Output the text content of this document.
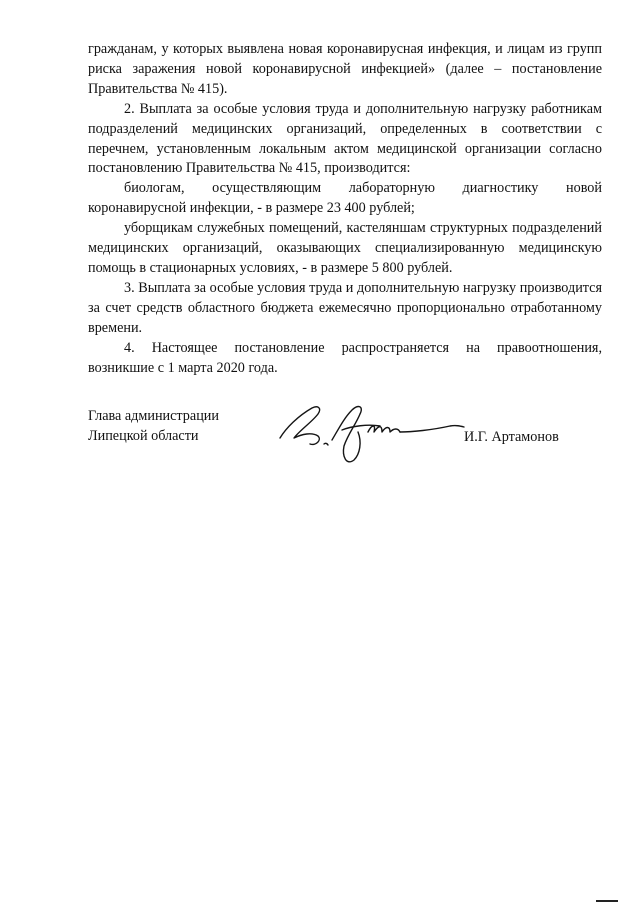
гражданам, у которых выявлена новая коронавирусная инфекция, и лицам из групп риска заражения новой коронавирусной инфекцией» (далее – постановление Правительства № 415).

2. Выплата за особые условия труда и дополнительную нагрузку работникам подразделений медицинских организаций, определенных в соответствии с перечнем, установленным локальным актом медицинской организации согласно постановлению Правительства № 415, производится:

биологам, осуществляющим лабораторную диагностику новой коронавирусной инфекции, - в размере 23 400 рублей;

уборщикам служебных помещений, кастеляншам структурных подразделений медицинских организаций, оказывающих специализированную медицинскую помощь в стационарных условиях, - в размере 5 800 рублей.

3. Выплата за особые условия труда и дополнительную нагрузку производится за счет средств областного бюджета ежемесячно пропорционально отработанному времени.

4. Настоящее постановление распространяется на правоотношения, возникшие с 1 марта 2020 года.

Глава администрации
Липецкой области	И.Г. Артамонов
